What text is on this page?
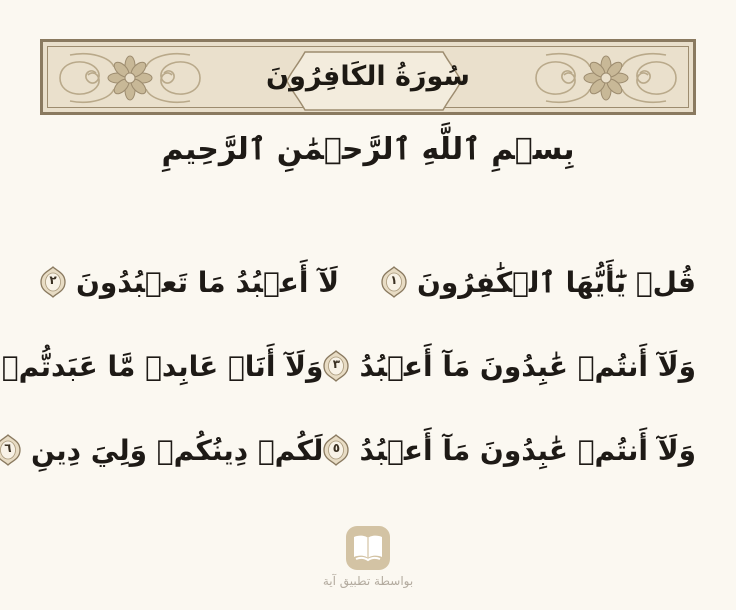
سُورَةُ الكَافِرُونَ
بِسۡمِ ٱللَّهِ ٱلرَّحۡمَٰنِ ٱلرَّحِيمِ
قُلۡ يَٰٓأَيُّهَا ٱلۡكَٰفِرُونَ
١
لَآ أَعۡبُدُ مَا تَعۡبُدُونَ
٢
وَلَآ أَنتُمۡ عَٰبِدُونَ مَآ أَعۡبُدُ
٣
وَلَآ أَنَا۠ عَابِدٞ مَّا عَبَدتُّمۡ
وَلَآ أَنتُمۡ عَٰبِدُونَ مَآ أَعۡبُدُ
٥
لَكُمۡ دِينُكُمۡ وَلِيَ دِينِ
٦
بواسطة تطبيق آية
